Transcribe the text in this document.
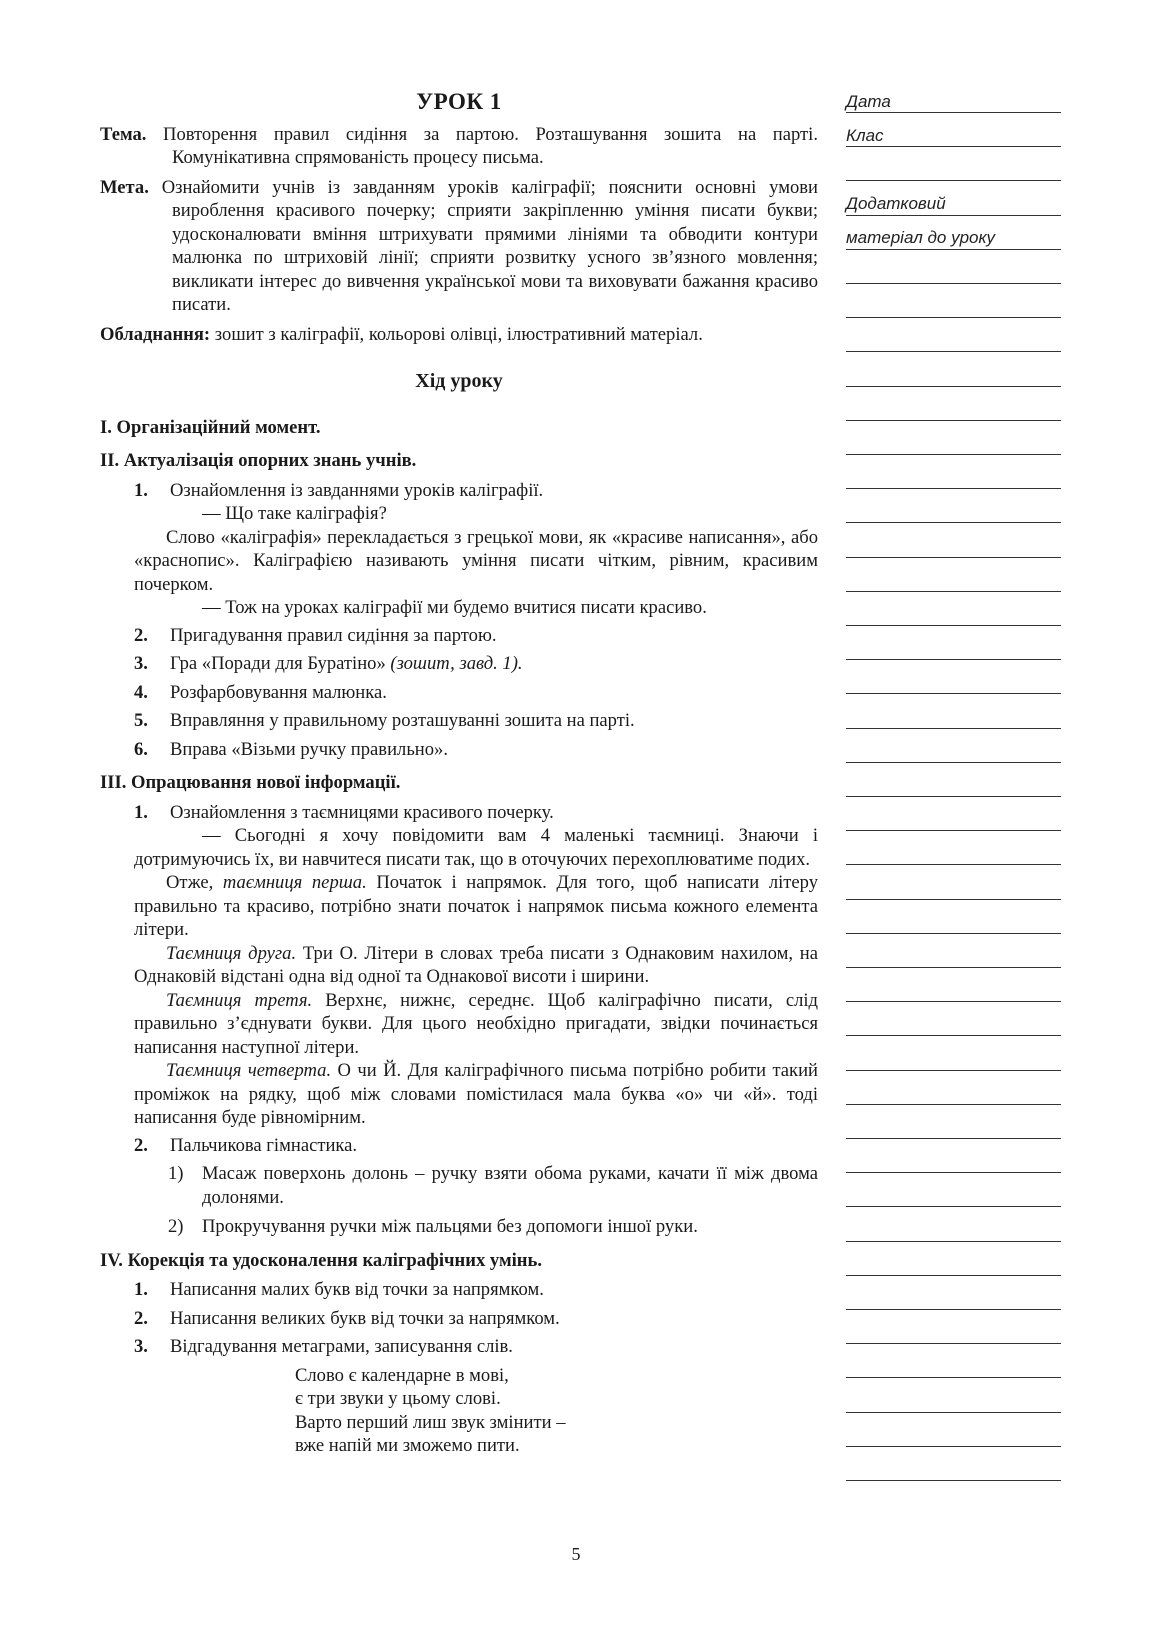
УРОК 1

Тема. Повторення правил сидіння за партою. Розташування зошита на парті. Комунікативна спрямованість процесу письма.

Мета. Ознайомити учнів із завданням уроків каліграфії; пояснити основні умови вироблення красивого почерку; сприяти закріпленню уміння писати букви; удосконалювати вміння штрихувати прямими лініями та обводити контури малюнка по штриховій лінії; сприяти розвитку усного зв’язного мовлення; викликати інтерес до вивчення української мови та виховувати бажання красиво писати.

Обладнання: зошит з каліграфії, кольорові олівці, ілюстративний матеріал.

Хід уроку
I. Організаційний момент.
II. Актуалізація опорних знань учнів.
1. Ознайомлення із завданнями уроків каліграфії.

— Що таке каліграфія?

Слово «каліграфія» перекладається з грецької мови, як «красиве написання», або «краснопис». Каліграфією називають уміння писати чітким, рівним, красивим почерком.

— Тож на уроках каліграфії ми будемо вчитися писати красиво.

2. Пригадування правил сидіння за партою.
3. Гра «Поради для Буратіно» (зошит, завд. 1).
4. Розфарбовування малюнка.
5. Вправляння у правильному розташуванні зошита на парті.
6. Вправа «Візьми ручку правильно».
III. Опрацювання нової інформації.
1. Ознайомлення з таємницями красивого почерку.

— Сьогодні я хочу повідомити вам 4 маленькі таємниці. Знаючи і дотримуючись їх, ви навчитеся писати так, що в оточуючих перехоплюватиме подих.

Отже, таємниця перша. Початок і напрямок. Для того, щоб написати літеру правильно та красиво, потрібно знати початок і напрямок письма кожного елемента літери.

Таємниця друга. Три О. Літери в словах треба писати з Однаковим нахилом, на Однаковій відстані одна від одної та Однакової висоти і ширини.

Таємниця третя. Верхнє, нижнє, середнє. Щоб каліграфічно писати, слід правильно з’єднувати букви. Для цього необхідно пригадати, звідки починається написання наступної літери.

Таємниця четверта. О чи Й. Для каліграфічного письма потрібно робити такий проміжок на рядку, щоб між словами помістилася мала буква «о» чи «й». тоді написання буде рівномірним.

2. Пальчикова гімнастика.
1) Масаж поверхонь долонь – ручку взяти обома руками, качати її між двома долонями.
2) Прокручування ручки між пальцями без допомоги іншої руки.
IV. Корекція та удосконалення каліграфічних умінь.
1. Написання малих букв від точки за напрямком.
2. Написання великих букв від точки за напрямком.
3. Відгадування метаграми, записування слів.
Слово є календарне в мові,
є три звуки у цьому слові.
Варто перший лиш звук змінити –
вже напій ми зможемо пити.
Дата
Клас
Додатковий
матеріал до уроку
5
